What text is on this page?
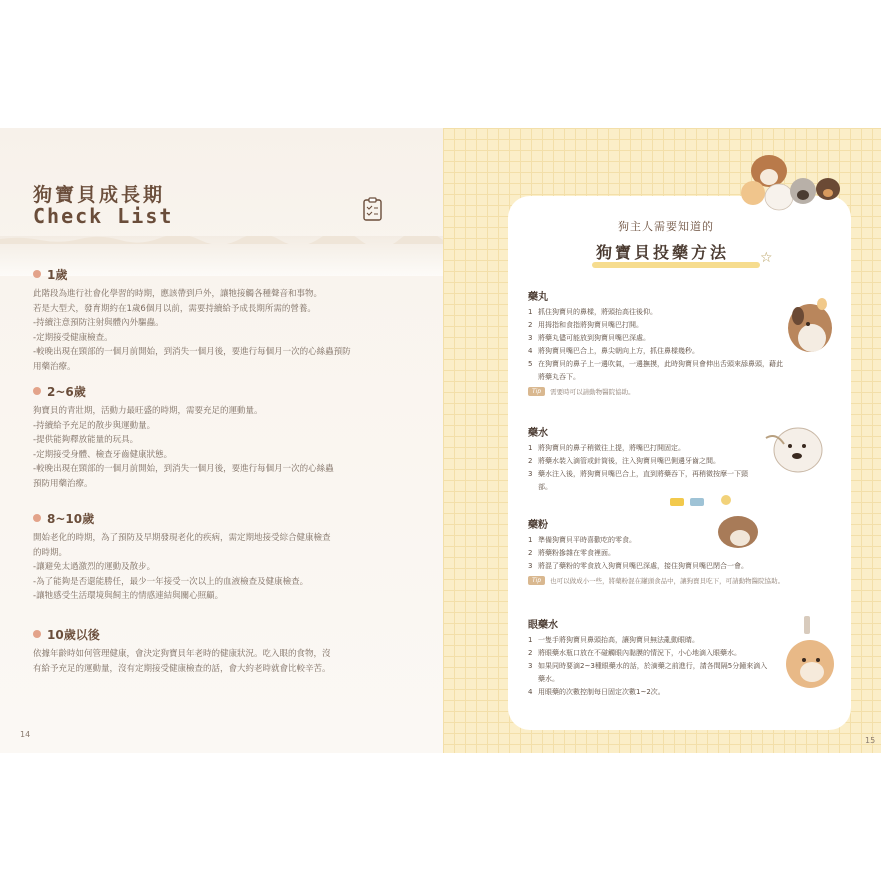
狗寶貝成長期
Check List
1歲

此階段為進行社會化學習的時期，應該帶到戶外，讓牠接觸各種聲音和事物。

若是大型犬，發育期約在1歲6個月以前，需要持續給予成長期所需的營養。

-持續注意預防注射與體內外驅蟲。

-定期接受健康檢查。

-較晚出現在頸部的一個月前開始，到消失一個月後，要進行每個月一次的心絲蟲預防

用藥治療。

2~6歲

狗寶貝的青壯期，活動力最旺盛的時期，需要充足的運動量。

-持續給予充足的散步與運動量。

-提供能夠釋放能量的玩具。

-定期接受身體、檢查牙齒健康狀態。

-較晚出現在頸部的一個月前開始，到消失一個月後，要進行每個月一次的心絲蟲

預防用藥治療。

8~10歲

開始老化的時期，為了預防及早期發現老化的疾病，需定期地接受綜合健康檢查

的時期。

-讓避免太過激烈的運動及散步。

-為了能夠是否還能勝任，最少一年接受一次以上的血液檢查及健康檢查。

-讓牠感受生活環境與飼主的情感連結與關心照顧。

10歲以後

依據年齡時如何管理健康，會決定狗寶貝年老時的健康狀況。吃入眼的食物，沒

有給予充足的運動量，沒有定期接受健康檢查的話，會大約老時就會比較辛苦。

14
狗主人需要知道的
狗寶貝投藥方法 ☆
藥丸
1 抓住狗寶貝的鼻樑，將頭抬高往後仰。
2 用拇指和食指將狗寶貝嘴巴打開。
3 將藥丸儘可能放到狗寶貝嘴巴深處。
4 將狗寶貝嘴巴合上，鼻尖朝向上方，抓住鼻樑幾秒。
5 在狗寶貝的鼻子上一邊吹氣，一邊撫摸，此時狗寶貝會伸出舌頭來舔鼻頭，藉此
將藥丸吞下。
Tip	需要時可以請動物醫院協助。
藥水
1 將狗寶貝的鼻子稍微往上提，將嘴巴打開固定。
2 將藥水裝入滴管或針筒後，注入狗寶貝嘴巴側邊牙齒之間。
3 藥水注入後，將狗寶貝嘴巴合上，直到將藥吞下，再稍微按摩一下頸部。
藥粉
1 準備狗寶貝平時喜歡吃的零食。
2 將藥粉摻雜在零食裡面。
3 將混了藥粉的零食放入狗寶貝嘴巴深處，接住狗寶貝嘴巴閉合一會。
Tip	也可以做成小一些，將藥粉混在罐頭食品中，讓狗寶貝吃下，可請動物醫院協助。
眼藥水
1 一隻手將狗寶貝鼻頭抬高，讓狗寶貝無法亂動眼睛。
2 將眼藥水瓶口放在不碰觸眼內黏膜的情況下，小心地滴入眼藥水。
3 如果同時要滴2~3種眼藥水的話，於滴藥之前進行，請各間隔5分鐘來滴入藥水。
4 用眼藥的次數控制每日固定次數1~2次。
15
